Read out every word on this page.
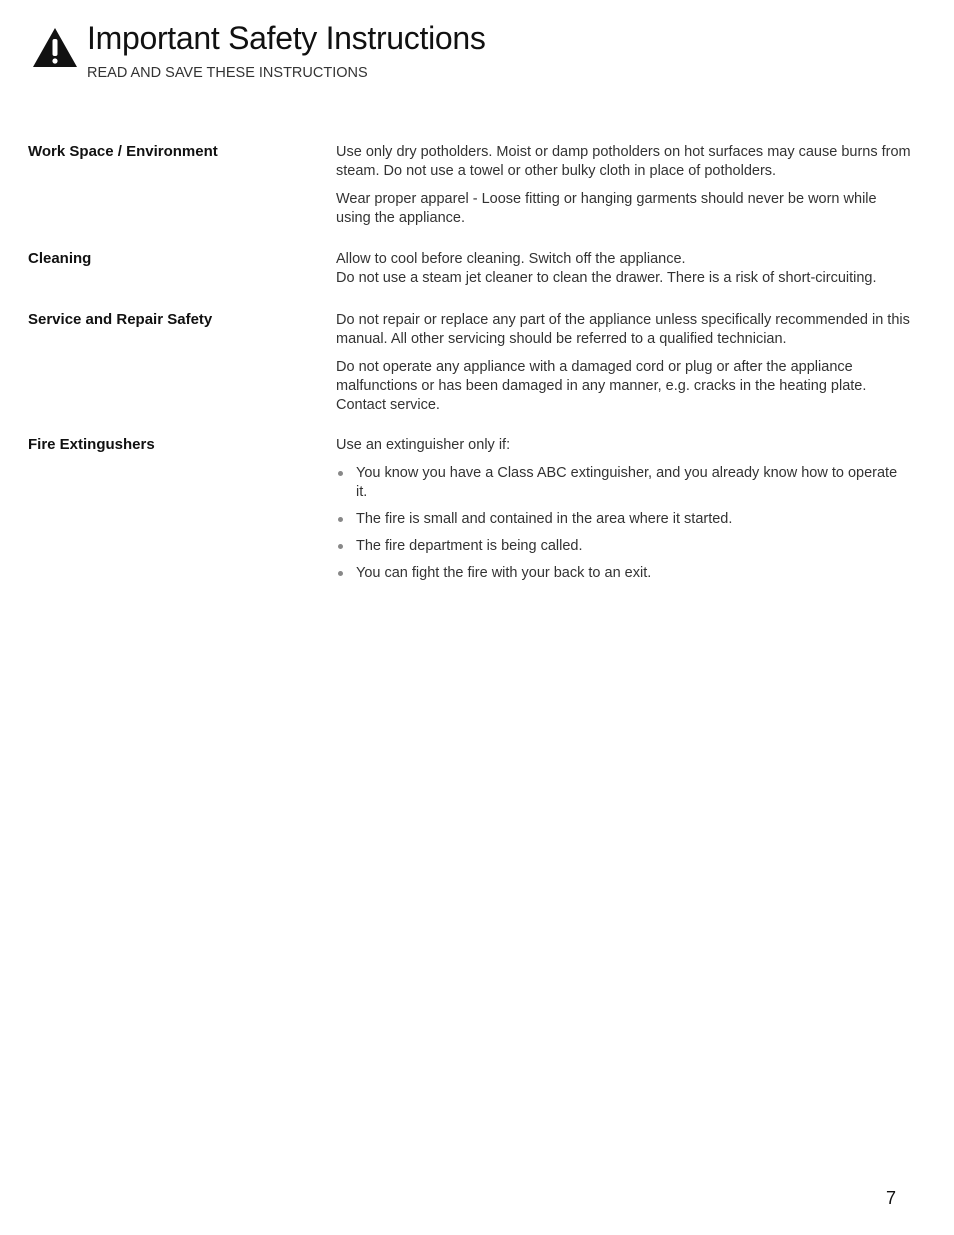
Important Safety Instructions
READ AND SAVE THESE INSTRUCTIONS
Work Space / Environment	Use only dry potholders. Moist or damp potholders on hot surfaces may cause burns from steam. Do not use a towel or other bulky cloth in place of potholders.

Wear proper apparel - Loose fitting or hanging garments should never be worn while using the appliance.

Cleaning	Allow to cool before cleaning. Switch off the appliance.

Do not use a steam jet cleaner to clean the drawer. There is a risk of short-circuiting.

Service and Repair Safety	Do not repair or replace any part of the appliance unless specifically recommended in this manual. All other servicing should be referred to a qualified technician.

Do not operate any appliance with a damaged cord or plug or after the appliance malfunctions or has been damaged in any manner, e.g. cracks in the heating plate. Contact service.

Fire Extingushers	Use an extinguisher only if:

You know you have a Class ABC extinguisher, and you already know how to operate it.
The fire is small and contained in the area where it started.
The fire department is being called.
You can fight the fire with your back to an exit.
7
